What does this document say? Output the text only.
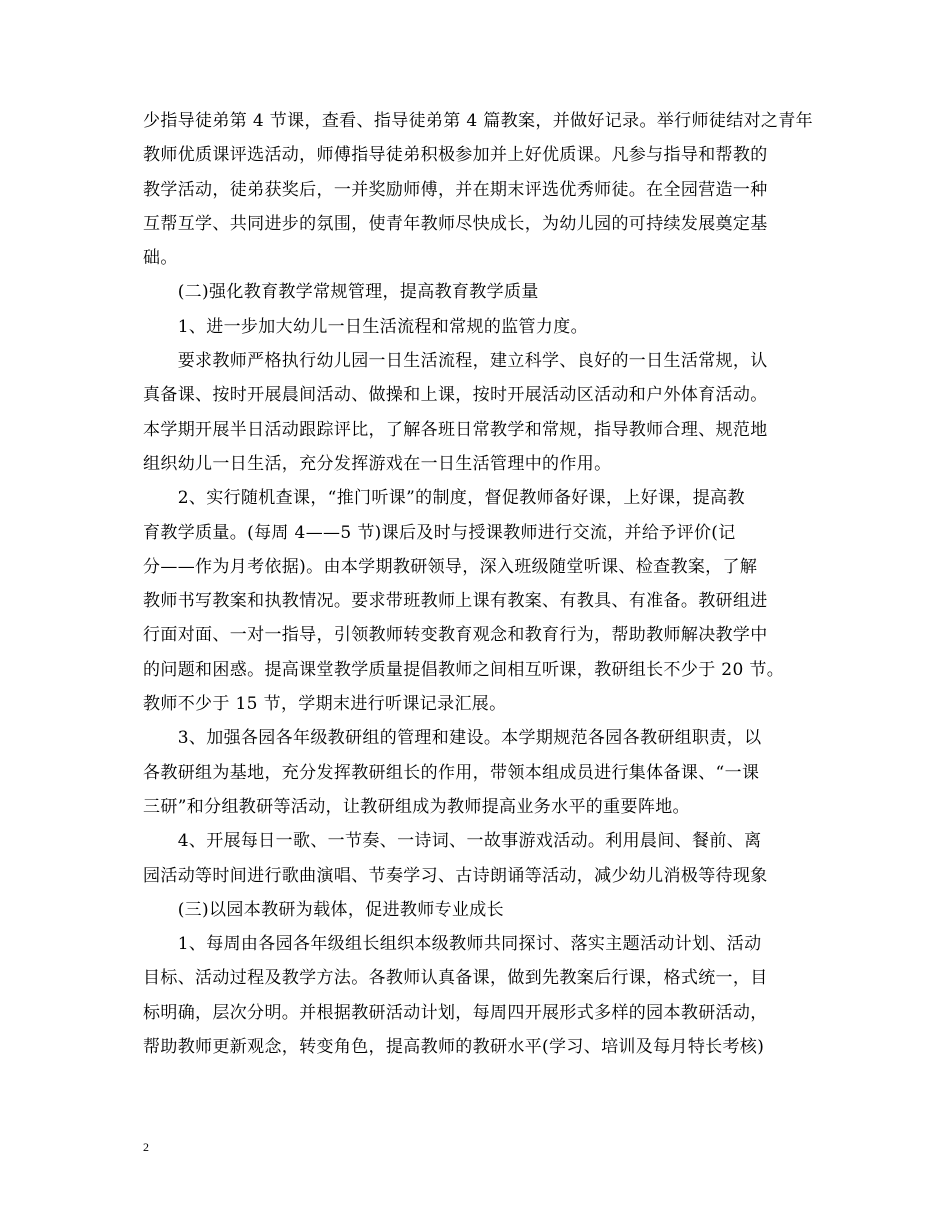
少指导徒弟第 4 节课，查看、指导徒弟第 4 篇教案，并做好记录。举行师徒结对之青年
教师优质课评选活动，师傅指导徒弟积极参加并上好优质课。凡参与指导和帮教的
教学活动，徒弟获奖后，一并奖励师傅，并在期末评选优秀师徒。在全园营造一种
互帮互学、共同进步的氛围，使青年教师尽快成长，为幼儿园的可持续发展奠定基
础。
　　(二)强化教育教学常规管理，提高教育教学质量
　　1、进一步加大幼儿一日生活流程和常规的监管力度。
　　要求教师严格执行幼儿园一日生活流程，建立科学、良好的一日生活常规，认
真备课、按时开展晨间活动、做操和上课，按时开展活动区活动和户外体育活动。
本学期开展半日活动跟踪评比，了解各班日常教学和常规，指导教师合理、规范地
组织幼儿一日生活，充分发挥游戏在一日生活管理中的作用。
　　2、实行随机查课，“推门听课”的制度，督促教师备好课，上好课，提高教
育教学质量。(每周 4——5 节)课后及时与授课教师进行交流，并给予评价(记
分——作为月考依据)。由本学期教研领导，深入班级随堂听课、检查教案，了解
教师书写教案和执教情况。要求带班教师上课有教案、有教具、有准备。教研组进
行面对面、一对一指导，引领教师转变教育观念和教育行为，帮助教师解决教学中
的问题和困惑。提高课堂教学质量提倡教师之间相互听课，教研组长不少于 20 节。
教师不少于 15 节，学期末进行听课记录汇展。
　　3、加强各园各年级教研组的管理和建设。本学期规范各园各教研组职责，以
各教研组为基地，充分发挥教研组长的作用，带领本组成员进行集体备课、“一课
三研”和分组教研等活动，让教研组成为教师提高业务水平的重要阵地。
　　4、开展每日一歌、一节奏、一诗词、一故事游戏活动。利用晨间、餐前、离
园活动等时间进行歌曲演唱、节奏学习、古诗朗诵等活动，减少幼儿消极等待现象
　　(三)以园本教研为载体，促进教师专业成长
　　1、每周由各园各年级组长组织本级教师共同探讨、落实主题活动计划、活动
目标、活动过程及教学方法。各教师认真备课，做到先教案后行课，格式统一，目
标明确，层次分明。并根据教研活动计划，每周四开展形式多样的园本教研活动，
帮助教师更新观念，转变角色，提高教师的教研水平(学习、培训及每月特长考核)
2
